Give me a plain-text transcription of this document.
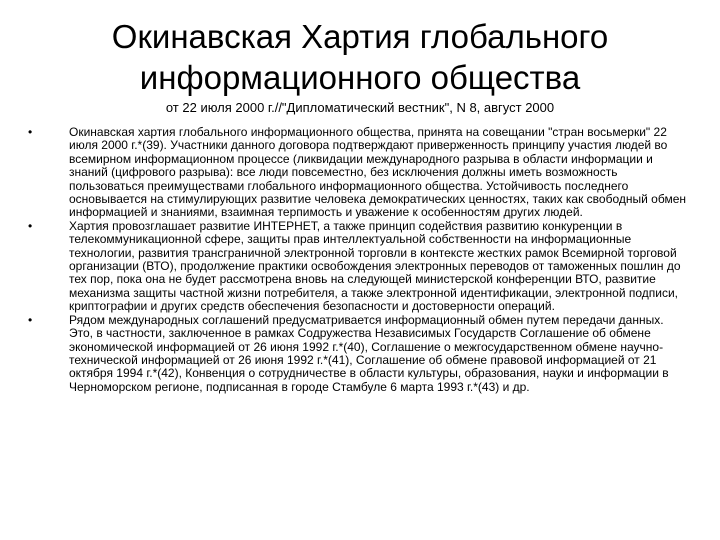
Окинавская Хартия глобального информационного общества

от 22 июля 2000 г.//"Дипломатический вестник", N 8, август 2000

•	Окинавская хартия глобального информационного общества, принята на совещании "стран восьмерки" 22 июля 2000 г.*(39). Участники данного договора подтверждают приверженность принципу участия людей во всемирном информационном процессе (ликвидации международного разрыва в области информации и знаний (цифрового разрыва): все люди повсеместно, без исключения должны иметь возможность пользоваться преимуществами глобального информационного общества. Устойчивость последнего основывается на стимулирующих развитие человека демократических ценностях, таких как свободный обмен информацией и знаниями, взаимная терпимость и уважение к особенностям других людей.
•	Хартия провозглашает развитие ИНТЕРНЕТ, а также принцип содействия развитию конкуренции в телекоммуникационной сфере, защиты прав интеллектуальной собственности на информационные технологии, развития трансграничной электронной торговли в контексте жестких рамок Всемирной торговой организации (ВТО), продолжение практики освобождения электронных переводов от таможенных пошлин до тех пор, пока она не будет рассмотрена вновь на следующей министерской конференции ВТО, развитие механизма защиты частной жизни потребителя, а также электронной идентификации, электронной подписи, криптографии и других средств обеспечения безопасности и достоверности операций.
•	Рядом международных соглашений предусматривается информационный обмен путем передачи данных. Это, в частности, заключенное в рамках Содружества Независимых Государств Соглашение об обмене экономической информацией от 26 июня 1992 г.*(40), Соглашение о межгосударственном обмене научно-технической информацией от 26 июня 1992 г.*(41), Соглашение об обмене правовой информацией от 21 октября 1994 г.*(42), Конвенция о сотрудничестве в области культуры, образования, науки и информации в Черноморском регионе, подписанная в городе Стамбуле 6 марта 1993 г.*(43) и др.
